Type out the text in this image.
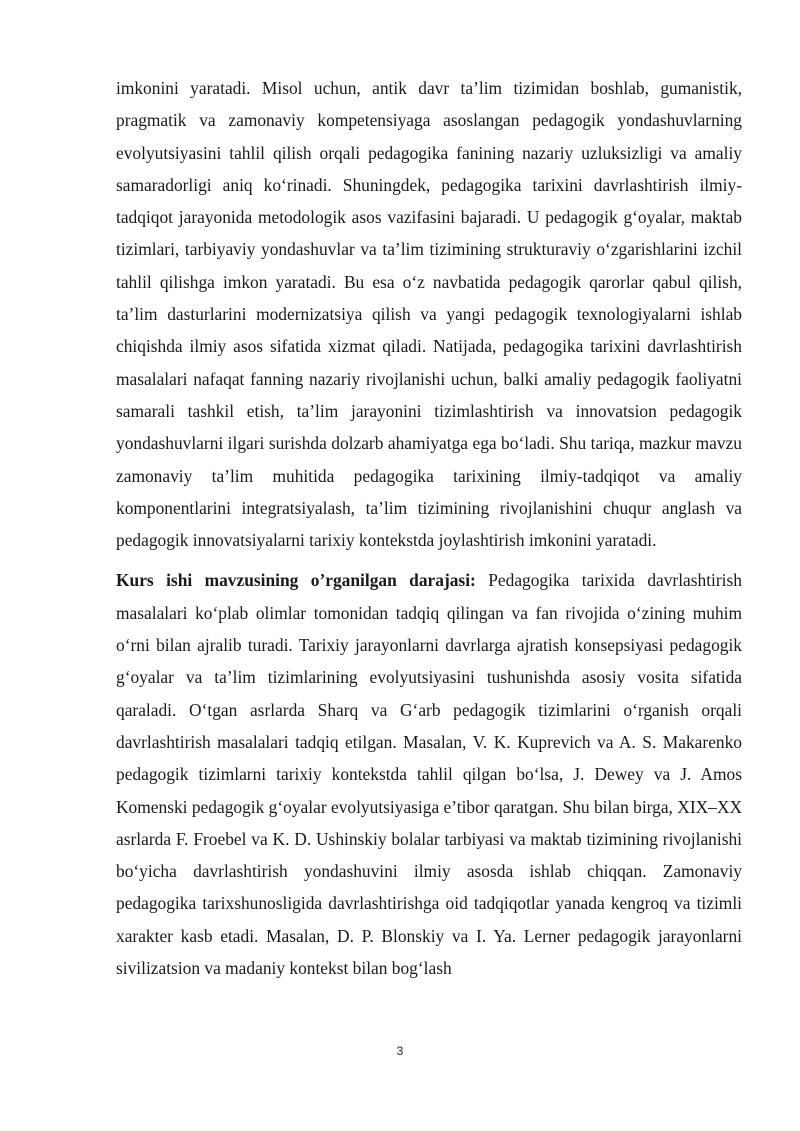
imkonini yaratadi. Misol uchun, antik davr ta’lim tizimidan boshlab, gumanistik, pragmatik va zamonaviy kompetensiyaga asoslangan pedagogik yondashuvlarning evolyutsiyasini tahlil qilish orqali pedagogika fanining nazariy uzluksizligi va amaliy samaradorligi aniq ko‘rinadi. Shuningdek, pedagogika tarixini davrlashtirish ilmiy-tadqiqot jarayonida metodologik asos vazifasini bajaradi. U pedagogik g‘oyalar, maktab tizimlari, tarbiyaviy yondashuvlar va ta’lim tizimining strukturaviy o‘zgarishlarini izchil tahlil qilishga imkon yaratadi. Bu esa o‘z navbatida pedagogik qarorlar qabul qilish, ta’lim dasturlarini modernizatsiya qilish va yangi pedagogik texnologiyalarni ishlab chiqishda ilmiy asos sifatida xizmat qiladi. Natijada, pedagogika tarixini davrlashtirish masalalari nafaqat fanning nazariy rivojlanishi uchun, balki amaliy pedagogik faoliyatni samarali tashkil etish, ta’lim jarayonini tizimlashtirish va innovatsion pedagogik yondashuvlarni ilgari surishda dolzarb ahamiyatga ega bo‘ladi. Shu tariqa, mazkur mavzu zamonaviy ta’lim muhitida pedagogika tarixining ilmiy-tadqiqot va amaliy komponentlarini integratsiyalash, ta’lim tizimining rivojlanishini chuqur anglash va pedagogik innovatsiyalarni tarixiy kontekstda joylashtirish imkonini yaratadi.

Kurs ishi mavzusining o’rganilgan darajasi: Pedagogika tarixida davrlashtirish masalalari ko‘plab olimlar tomonidan tadqiq qilingan va fan rivojida o‘zining muhim o‘rni bilan ajralib turadi. Tarixiy jarayonlarni davrlarga ajratish konsepsiyasi pedagogik g‘oyalar va ta’lim tizimlarining evolyutsiyasini tushunishda asosiy vosita sifatida qaraladi. O‘tgan asrlarda Sharq va G‘arb pedagogik tizimlarini o‘rganish orqali davrlashtirish masalalari tadqiq etilgan. Masalan, V. K. Kuprevich va A. S. Makarenko pedagogik tizimlarni tarixiy kontekstda tahlil qilgan bo‘lsa, J. Dewey va J. Amos Komenski pedagogik g‘oyalar evolyutsiyasiga e’tibor qaratgan. Shu bilan birga, XIX–XX asrlarda F. Froebel va K. D. Ushinskiy bolalar tarbiyasi va maktab tizimining rivojlanishi bo‘yicha davrlashtirish yondashuvini ilmiy asosda ishlab chiqqan. Zamonaviy pedagogika tarixshunosligida davrlashtirishga oid tadqiqotlar yanada kengroq va tizimli xarakter kasb etadi. Masalan, D. P. Blonskiy va I. Ya. Lerner pedagogik jarayonlarni sivilizatsion va madaniy kontekst bilan bog‘lash

3
